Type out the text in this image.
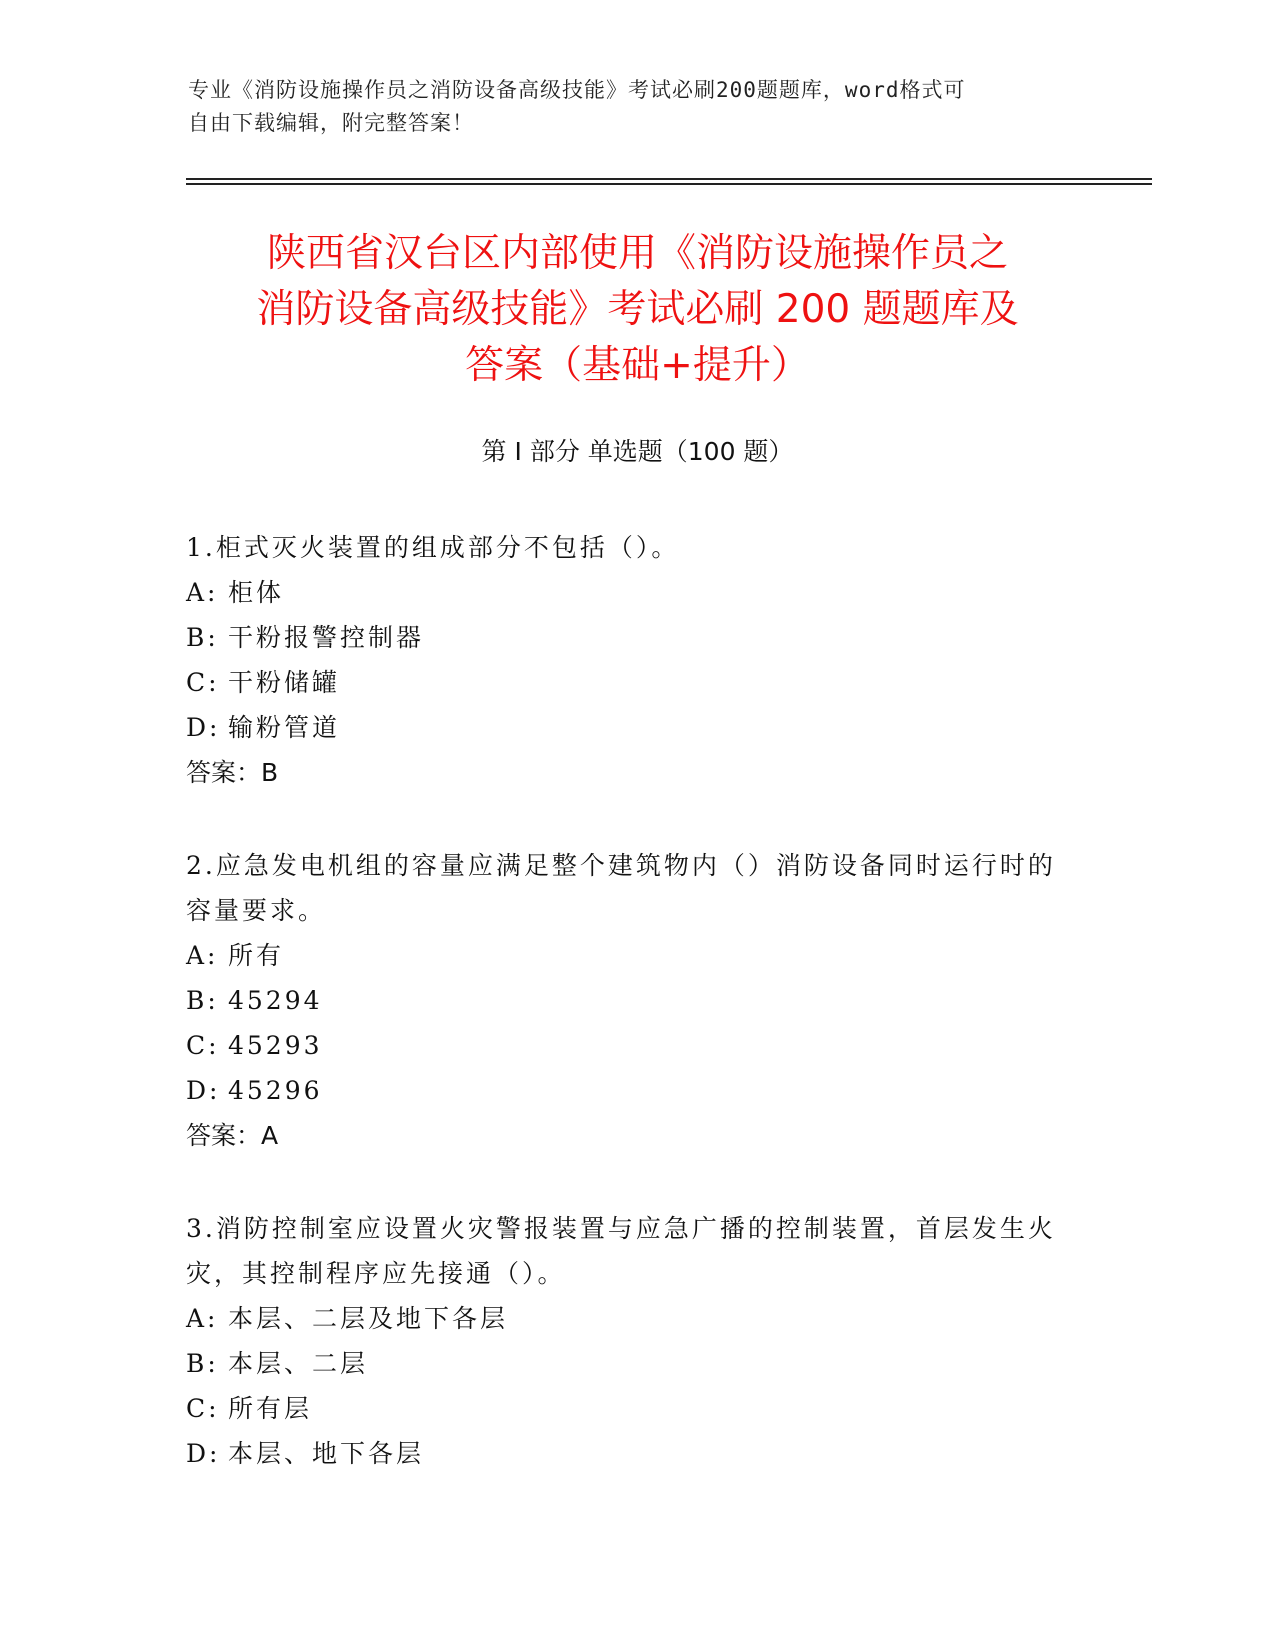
专业《消防设施操作员之消防设备高级技能》考试必刷200题题库，word格式可
自由下载编辑，附完整答案！
陕西省汉台区内部使用《消防设施操作员之
消防设备高级技能》考试必刷 200 题题库及
答案（基础+提升）
第 I 部分 单选题（100 题）

1.柜式灭火装置的组成部分不包括（）。

A: 柜体
B: 干粉报警控制器
C: 干粉储罐
D: 输粉管道
答案：B

2.应急发电机组的容量应满足整个建筑物内（）消防设备同时运行时的容量要求。

A: 所有
B: 45294
C: 45293
D: 45296
答案：A

3.消防控制室应设置火灾警报装置与应急广播的控制装置，首层发生火灾，其控制程序应先接通（）。

A: 本层、二层及地下各层
B: 本层、二层
C: 所有层
D: 本层、地下各层
